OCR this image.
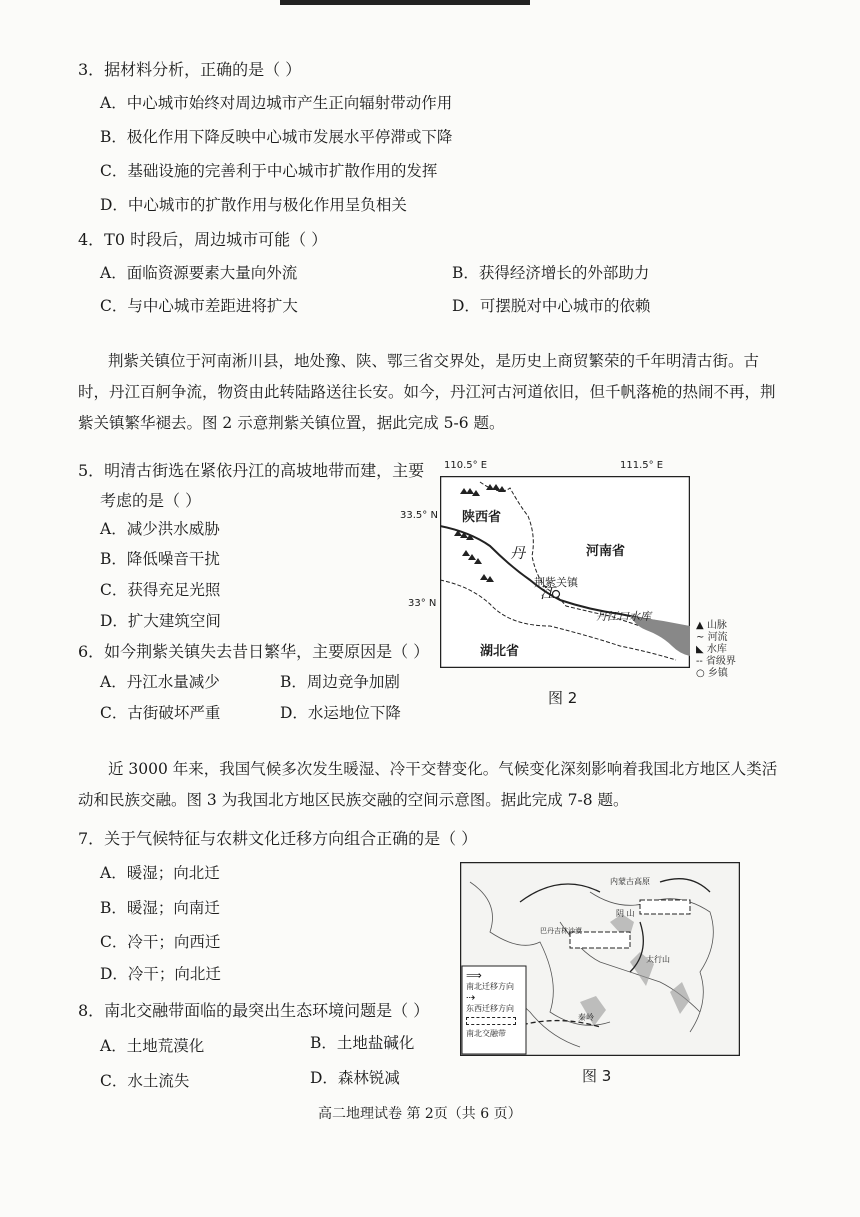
3．据材料分析，正确的是（ ）
A．中心城市始终对周边城市产生正向辐射带动作用
B．极化作用下降反映中心城市发展水平停滞或下降
C．基础设施的完善利于中心城市扩散作用的发挥
D．中心城市的扩散作用与极化作用呈负相关
4．T0 时段后，周边城市可能（ ）
A．面临资源要素大量向外流	B．获得经济增长的外部助力
C．与中心城市差距进将扩大	D．可摆脱对中心城市的依赖
荆紫关镇位于河南淅川县，地处豫、陕、鄂三省交界处，是历史上商贸繁荣的千年明清古街。古时，丹江百舸争流，物资由此转陆路送往长安。如今，丹江河古河道依旧，但千帆落桅的热闹不再，荆紫关镇繁华褪去。图 2 示意荆紫关镇位置，据此完成 5-6 题。
5．明清古街选在紧依丹江的高坡地带而建，主要
考虑的是（ ）
A．减少洪水威胁
B．降低噪音干扰
C．获得充足光照
D．扩大建筑空间
6．如今荆紫关镇失去昔日繁华，主要原因是（ ）
A．丹江水量减少	B．周边竞争加剧
C．古街破坏严重	D．水运地位下降
110.5° E	111.5° E
33.5° N
33° N
陕西省
河南省
湖北省
荆紫关镇
丹
江
丹江口水库
▲ 山脉
∼ 河流
◣ 水库
-- 省级界
○ 乡镇
图 2
近 3000 年来，我国气候多次发生暖湿、冷干交替变化。气候变化深刻影响着我国北方地区人类活动和民族交融。图 3 为我国北方地区民族交融的空间示意图。据此完成 7-8 题。
7．关于气候特征与农耕文化迁移方向组合正确的是（ ）
A．暖湿；向北迁
B．暖湿；向南迁
C．冷干；向西迁
D．冷干；向北迁
8．南北交融带面临的最突出生态环境问题是（ ）
A．土地荒漠化	B．土地盐碱化
C．水土流失	D．森林锐减
内蒙古高原
阴 山
巴丹吉林沙漠
太行山
秦岭
⟹
南北迁移方向
⇢
东西迁移方向
南北交融带
图 3
高二地理试卷 第 2页（共 6 页）
